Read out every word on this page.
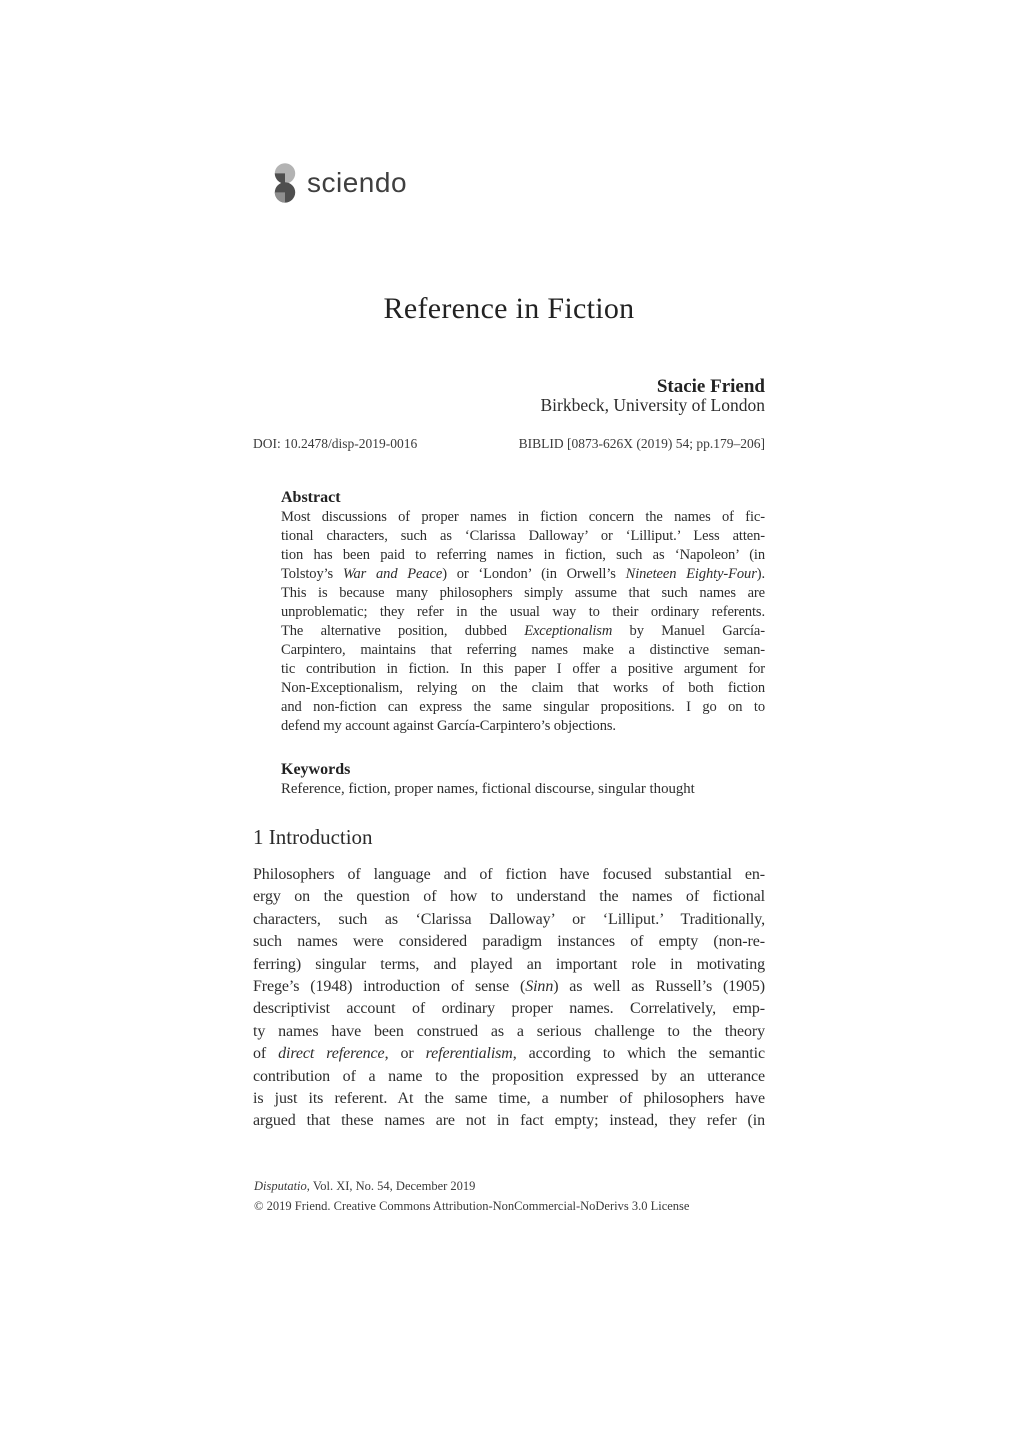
sciendo
Reference in Fiction
Stacie Friend
Birkbeck, University of London
DOI: 10.2478/disp-2019-0016	BIBLID [0873-626X (2019) 54; pp.179–206]
Abstract
Most discussions of proper names in fiction concern the names of fic-
tional characters, such as ‘Clarissa Dalloway’ or ‘Lilliput.’ Less atten-
tion has been paid to referring names in fiction, such as ‘Napoleon’ (in
Tolstoy’s War and Peace) or ‘London’ (in Orwell’s Nineteen Eighty-Four).
This is because many philosophers simply assume that such names are
unproblematic; they refer in the usual way to their ordinary referents.
The alternative position, dubbed Exceptionalism by Manuel García-
Carpintero, maintains that referring names make a distinctive seman-
tic contribution in fiction. In this paper I offer a positive argument for
Non-Exceptionalism, relying on the claim that works of both fiction
and non-fiction can express the same singular propositions. I go on to
defend my account against García-Carpintero’s objections.
Keywords
Reference, fiction, proper names, fictional discourse, singular thought
1 Introduction
Philosophers of language and of fiction have focused substantial en-
ergy on the question of how to understand the names of fictional
characters, such as ‘Clarissa Dalloway’ or ‘Lilliput.’ Traditionally,
such names were considered paradigm instances of empty (non-re-
ferring) singular terms, and played an important role in motivating
Frege’s (1948) introduction of sense (Sinn) as well as Russell’s (1905)
descriptivist account of ordinary proper names. Correlatively, emp-
ty names have been construed as a serious challenge to the theory
of direct reference, or referentialism, according to which the semantic
contribution of a name to the proposition expressed by an utterance
is just its referent. At the same time, a number of philosophers have
argued that these names are not in fact empty; instead, they refer (in
Disputatio, Vol. XI, No. 54, December 2019
© 2019 Friend. Creative Commons Attribution-NonCommercial-NoDerivs 3.0 License
